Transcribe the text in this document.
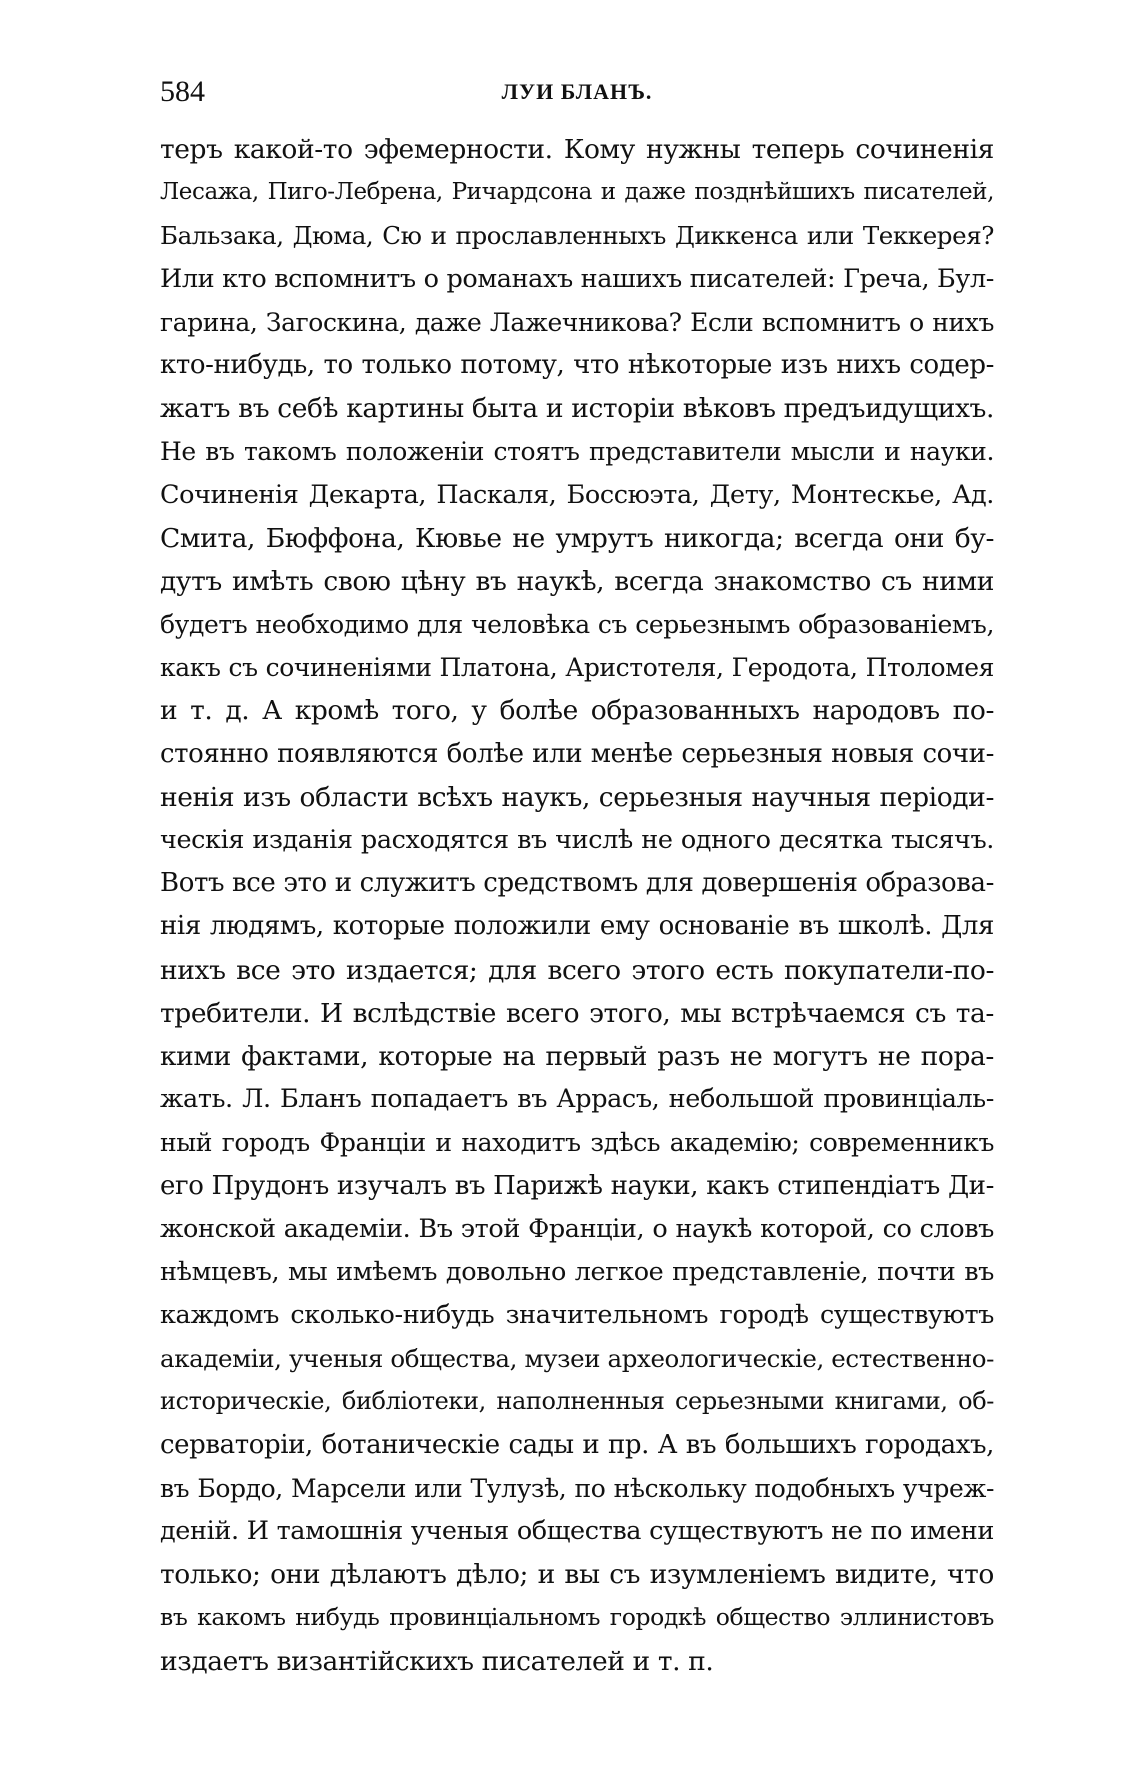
584	ЛУИ БЛАНЪ.
теръ какой-то эфемерности. Кому нужны теперь сочиненія
Лесажа, Пиго-Лебрена, Ричардсона и даже позднѣйшихъ писателей,
Бальзака, Дюма, Сю и прославленныхъ Диккенса или Теккерея?
Или кто вспомнитъ о романахъ нашихъ писателей: Греча, Бул-
гарина, Загоскина, даже Лажечникова? Если вспомнитъ о нихъ
кто-нибудь, то только потому, что нѣкоторые изъ нихъ содер-
жатъ въ себѣ картины быта и исторіи вѣковъ предъидущихъ.
Не въ такомъ положеніи стоятъ представители мысли и науки.
Сочиненія Декарта, Паскаля, Боссюэта, Дету, Монтескье, Ад.
Смита, Бюффона, Кювье не умрутъ никогда; всегда они бу-
дутъ имѣть свою цѣну въ наукѣ, всегда знакомство съ ними
будетъ необходимо для человѣка съ серьезнымъ образованіемъ,
какъ съ сочиненіями Платона, Аристотеля, Геродота, Птоломея
и т. д. А кромѣ того, у болѣе образованныхъ народовъ по-
стоянно появляются болѣе или менѣе серьезныя новыя сочи-
ненія изъ области всѣхъ наукъ, серьезныя научныя періоди-
ческія изданія расходятся въ числѣ не одного десятка тысячъ.
Вотъ все это и служитъ средствомъ для довершенія образова-
нія людямъ, которые положили ему основаніе въ школѣ. Для
нихъ все это издается; для всего этого есть покупатели-по-
требители. И вслѣдствіе всего этого, мы встрѣчаемся съ та-
кими фактами, которые на первый разъ не могутъ не пора-
жать. Л. Бланъ попадаетъ въ Аррасъ, небольшой провинціаль-
ный городъ Франціи и находитъ здѣсь академію; современникъ
его Прудонъ изучалъ въ Парижѣ науки, какъ стипендіатъ Ди-
жонской академіи. Въ этой Франціи, о наукѣ которой, со словъ
нѣмцевъ, мы имѣемъ довольно легкое представленіе, почти въ
каждомъ сколько-нибудь значительномъ городѣ существуютъ
академіи, ученыя общества, музеи археологическіе, естественно-
историческіе, библіотеки, наполненныя серьезными книгами, об-
серваторіи, ботаническіе сады и пр. А въ большихъ городахъ,
въ Бордо, Марсели или Тулузѣ, по нѣскольку подобныхъ учреж-
деній. И тамошнія ученыя общества существуютъ не по имени
только; они дѣлаютъ дѣло; и вы съ изумленіемъ видите, что
въ какомъ нибудь провинціальномъ городкѣ общество эллинистовъ
издаетъ византійскихъ писателей и т. п.
